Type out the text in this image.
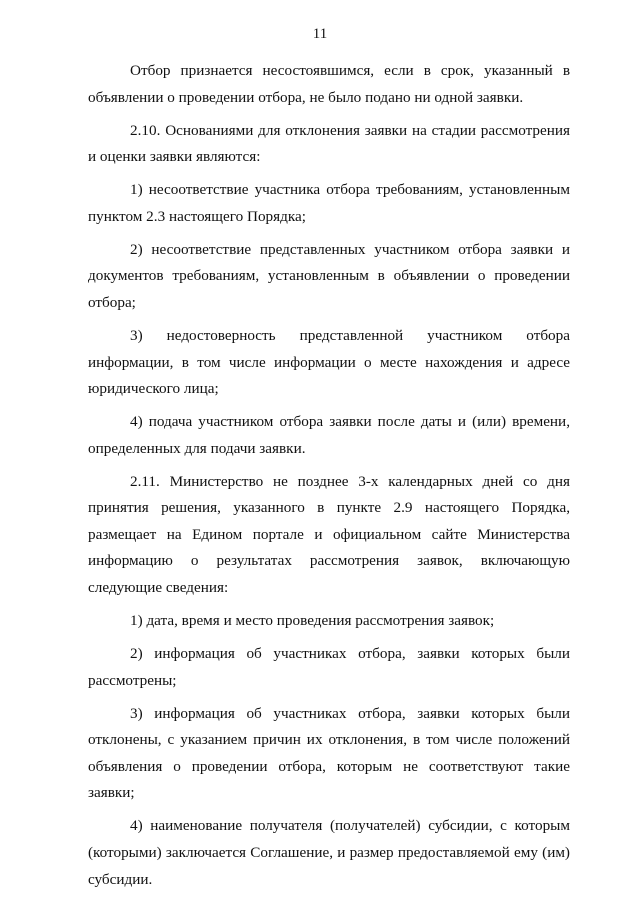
11

Отбор признается несостоявшимся, если в срок, указанный в объявлении о проведении отбора, не было подано ни одной заявки.

2.10. Основаниями для отклонения заявки на стадии рассмотрения и оценки заявки являются:

1) несоответствие участника отбора требованиям, установленным пунктом 2.3 настоящего Порядка;

2) несоответствие представленных участником отбора заявки и документов требованиям, установленным в объявлении о проведении отбора;

3) недостоверность представленной участником отбора информации, в том числе информации о месте нахождения и адресе юридического лица;

4) подача участником отбора заявки после даты и (или) времени, определенных для подачи заявки.

2.11. Министерство не позднее 3-х календарных дней со дня принятия решения, указанного в пункте 2.9 настоящего Порядка, размещает на Едином портале и официальном сайте Министерства информацию о результатах рассмотрения заявок, включающую следующие сведения:

1) дата, время и место проведения рассмотрения заявок;

2) информация об участниках отбора, заявки которых были рассмотрены;

3) информация об участниках отбора, заявки которых были отклонены, с указанием причин их отклонения, в том числе положений объявления о проведении отбора, которым не соответствуют такие заявки;

4) наименование получателя (получателей) субсидии, с которым (которыми) заключается Соглашение, и размер предоставляемой ему (им) субсидии.
